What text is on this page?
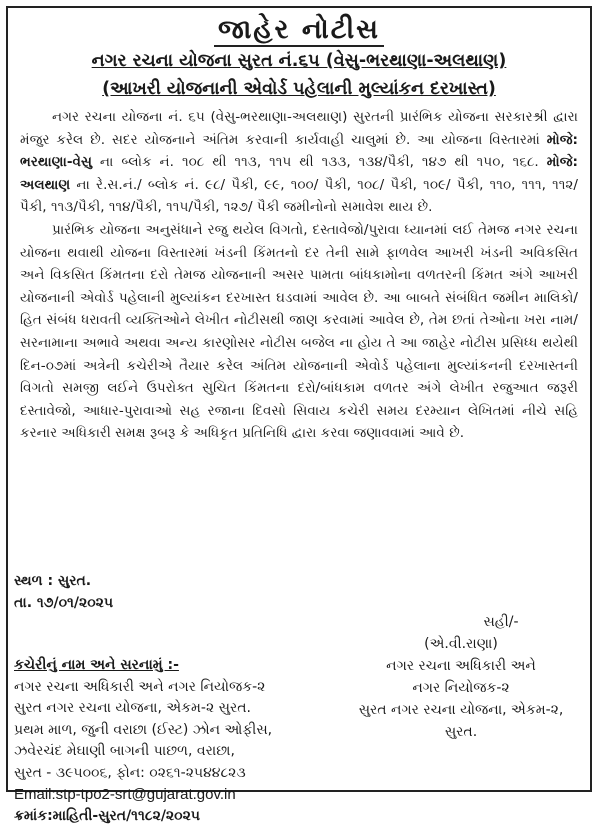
જાહેર નોટીસ
નગર રચના યોજના સુરત નં.૬૫ (વેસુ-ભરથાણા-અલથાણ)
(આખરી યોજનાની એવોર્ડ પહેલાની મુલ્યાંકન દરખાસ્ત)

નગર રચના યોજના નં. ૬૫ (વેસુ-ભરથાણા-અલથાણ) સુરતની પ્રારંભિક યોજના સરકારશ્રી દ્વારા મંજુર કરેલ છે. સદર યોજનાને અંતિમ કરવાની કાર્યવાહી ચાલુમાં છે. આ યોજના વિસ્તારમાં મોજે: ભરથાણા-વેસુ ના બ્લોક નં. ૧૦૮ થી ૧૧૩, ૧૧૫ થી ૧૩૩, ૧૩૪/પૈકી, ૧૪૭ થી ૧૫૦, ૧૬૮. મોજે: અલથાણ ના રે.સ.નં./ બ્લોક નં. ૯૮/ પૈકી, ૯૯, ૧૦૦/ પૈકી, ૧૦૮/ પૈકી, ૧૦૯/ પૈકી, ૧૧૦, ૧૧૧, ૧૧૨/ પૈકી, ૧૧૩/પૈકી, ૧૧૪/પૈકી, ૧૧૫/પૈકી, ૧૨૭/ પૈકી જમીનોનો સમાવેશ થાય છે.

પ્રારંભિક યોજના અનુસંધાને રજુ થયેલ વિગતો, દસ્તાવેજો/પુરાવા ધ્યાનમાં લઈ તેમજ નગર રચના યોજના થવાથી યોજના વિસ્તારમાં ખંડની કિંમતનો દર તેની સામે ફાળવેલ આખરી ખંડની અવિકસિત અને વિકસિત કિંમતના દરો તેમજ યોજનાની અસર પામતા બાંધકામોના વળતરની કિંમત અંગે આખરી યોજનાની એવોર્ડ પહેલાની મુલ્યાંકન દરખાસ્ત ઘડવામાં આવેલ છે. આ બાબતે સંબંધિત જમીન માલિકો/હિત સંબંધ ધરાવતી વ્યક્તિઓને લેખીત નોટીસથી જાણ કરવામાં આવેલ છે, તેમ છતાં તેઓના ખરા નામ/સરનામાના અભાવે અથવા અન્ય કારણોસર નોટીસ બજેલ ના હોય તે આ જાહેર નોટીસ પ્રસિધ્ધ થયેથી દિન-૦૭માં અત્રેની કચેરીએ તૈયાર કરેલ અંતિમ યોજનાની એવોર્ડ પહેલાના મુલ્યાંકનની દરખાસ્તની વિગતો સમજી લઈને ઉપરોક્ત સુચિત કિંમતના દરો/બાંધકામ વળતર અંગે લેખીત રજુઆત જરૂરી દસ્તાવેજો, આધાર-પુરાવાઓ સહ રજાના દિવસો સિવાય કચેરી સમય દરમ્યાન લેખિતમાં નીચે સહિ કરનાર અધિકારી સમક્ષ રૂબરૂ કે અધિકૃત પ્રતિનિધિ દ્વારા કરવા જણાવવામાં આવે છે.

સ્થળ : સુરત.
તા. ૧૭/૦૧/૨૦૨૫
સહી/-
(એ.વી.રાણા)
નગર રચના અધિકારી અને
નગર નિયોજક-૨
સુરત નગર રચના યોજના, એકમ-૨,
સુરત.
કચેરીનું નામ અને સરનામું :-
નગર રચના અધિકારી અને નગર નિયોજક-૨
સુરત નગર રચના યોજના, એકમ-૨ સુરત.
પ્રથમ માળ, જુની વરાછા (ઈસ્ટ) ઝોન ઓફીસ,
ઝવેરચંદ મેઘાણી બાગની પાછળ, વરાછા,
સુરત - ૩૯૫૦૦૬, ફોન: ૦૨૬૧-૨૫૪૪૮૨૩
Email:stp-tpo2-srt@gujarat.gov.in
ક્રમાંક:માહિતી-સુરત/૧૧૮૨/૨૦૨૫
